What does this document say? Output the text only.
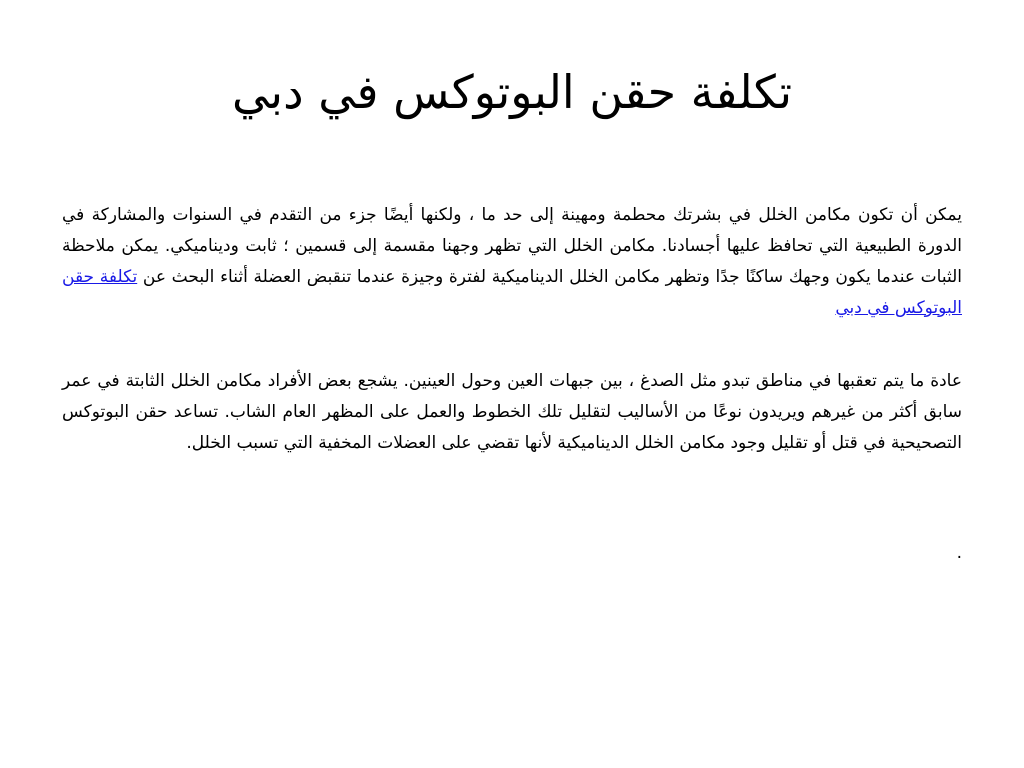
تكلفة حقن البوتوكس في دبي

يمكن أن تكون مكامن الخلل في بشرتك محطمة ومهينة إلى حد ما ، ولكنها أيضًا جزء من التقدم في السنوات والمشاركة في الدورة الطبيعية التي تحافظ عليها أجسادنا. مكامن الخلل التي تظهر وجهنا مقسمة إلى قسمين ؛ ثابت وديناميكي. يمكن ملاحظة الثبات عندما يكون وجهك ساكنًا جدًا وتظهر مكامن الخلل الديناميكية لفترة وجيزة عندما تنقبض العضلة أثناء البحث عن تكلفة حقن البوتوكس في دبي

عادة ما يتم تعقبها في مناطق تبدو مثل الصدغ ، بين جبهات العين وحول العينين. يشجع بعض الأفراد مكامن الخلل الثابتة في عمر سابق أكثر من غيرهم ويريدون نوعًا من الأساليب لتقليل تلك الخطوط والعمل على المظهر العام الشاب. تساعد حقن البوتوكس التصحيحية في قتل أو تقليل وجود مكامن الخلل الديناميكية لأنها تقضي على العضلات المخفية التي تسبب الخلل.

.
